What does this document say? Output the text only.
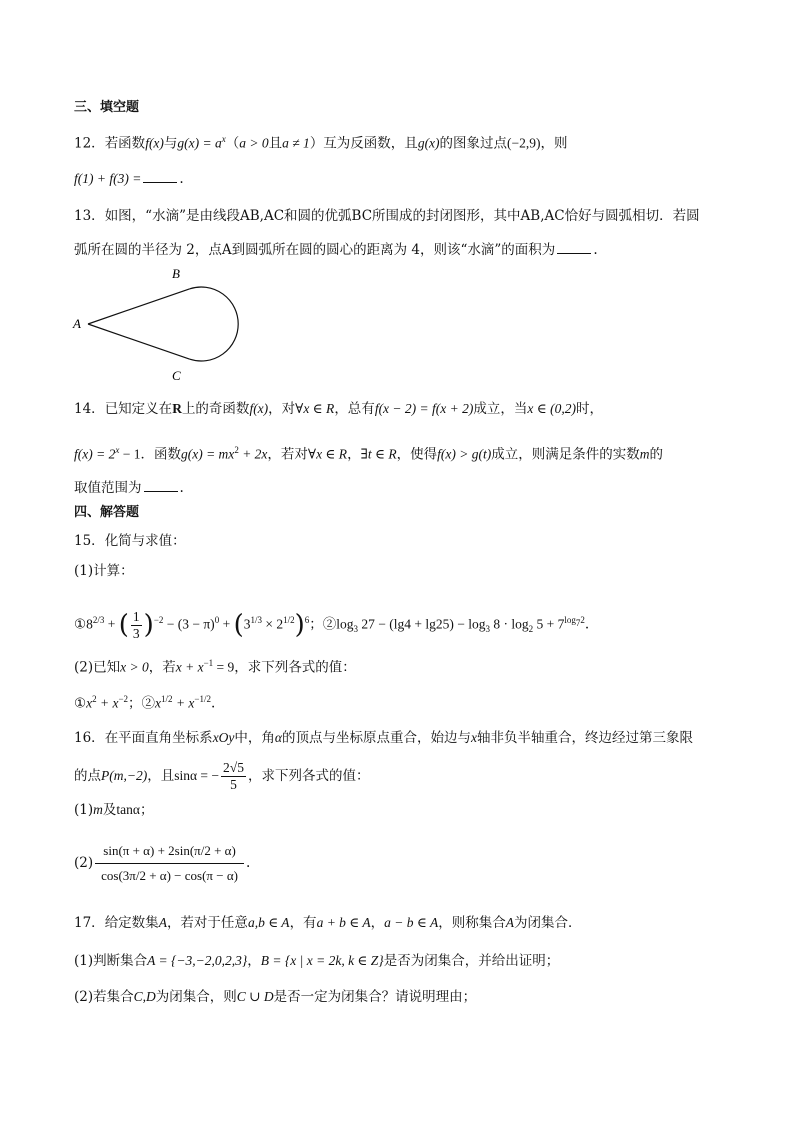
三、填空题
12．若函数f(x)与$g(x) = a^x(a > 0$且a ≠ 1）互为反函数，且g(x)的图象过点(−2,9)，则
f(1) + f(3) =	.
13．如图，“水滴”是由线段AB,AC和圆的优弧BC所围成的封闭图形，其中AB,AC恰好与圆弧相切．若圆
弧所在圆的半径为 2，点A到圆弧所在圆的圆心的距离为 4，则该“水滴”的面积为	.
A
B
C
14．已知定义在R上的奇函数f(x)，对∀x ∈ R，总有f(x − 2) = f(x + 2)成立，当x ∈ (0,2)时，
$f(x) = 2^x - 1$．函数$g(x) = mx^2 + 2x$，若对∀x ∈ R，∃t ∈ R，使得f(x) > g(t)成立，则满足条件的实数m的
取值范围为	.
四、解答题
15．化简与求值：
(1)计算：
$①8^{2/3}$ + ( $\frac{1}{3} )^{-2} - (3 - \pi)^0 + (3^{1/3} \times 2^{1/2})^6$；$②\log_3$ $27 - (\lg 4 + \lg 25) - \log_3 8 \cdot \log_2 5 + 7^{log_72}$.
(2)已知x > 0，若$x + x^{-1} = 9$，求下列各式的值：
$①x^2 + x^{-2}$；$②x^{1/2} + x^{-1/2}$.
16．在平面直角坐标系xOy中，角α的顶点与坐标原点重合，始边与x轴非负半轴重合，终边经过第三象限
的点P(m,−2)，且sinα = − $\frac{2√5}{5}$ ，求下列各式的值：
(1)m及tanα；
$(2) \frac{\sin(\pi + \alpha) + 2\sin(\pi/2 + \alpha)}{\cos(3\pi/2 + \alpha) - \cos(\pi - \alpha)}$ .
17．给定数集A，若对于任意a,b ∈ A，有a + b ∈ A，a − b ∈ A，则称集合A为闭集合．
(1)判断集合A = {−3,−2,0,2,3}，B = {x | x = 2k, k ∈ Z}是否为闭集合，并给出证明；
(2)若集合C,D为闭集合，则C ∪ D是否一定为闭集合？请说明理由；
